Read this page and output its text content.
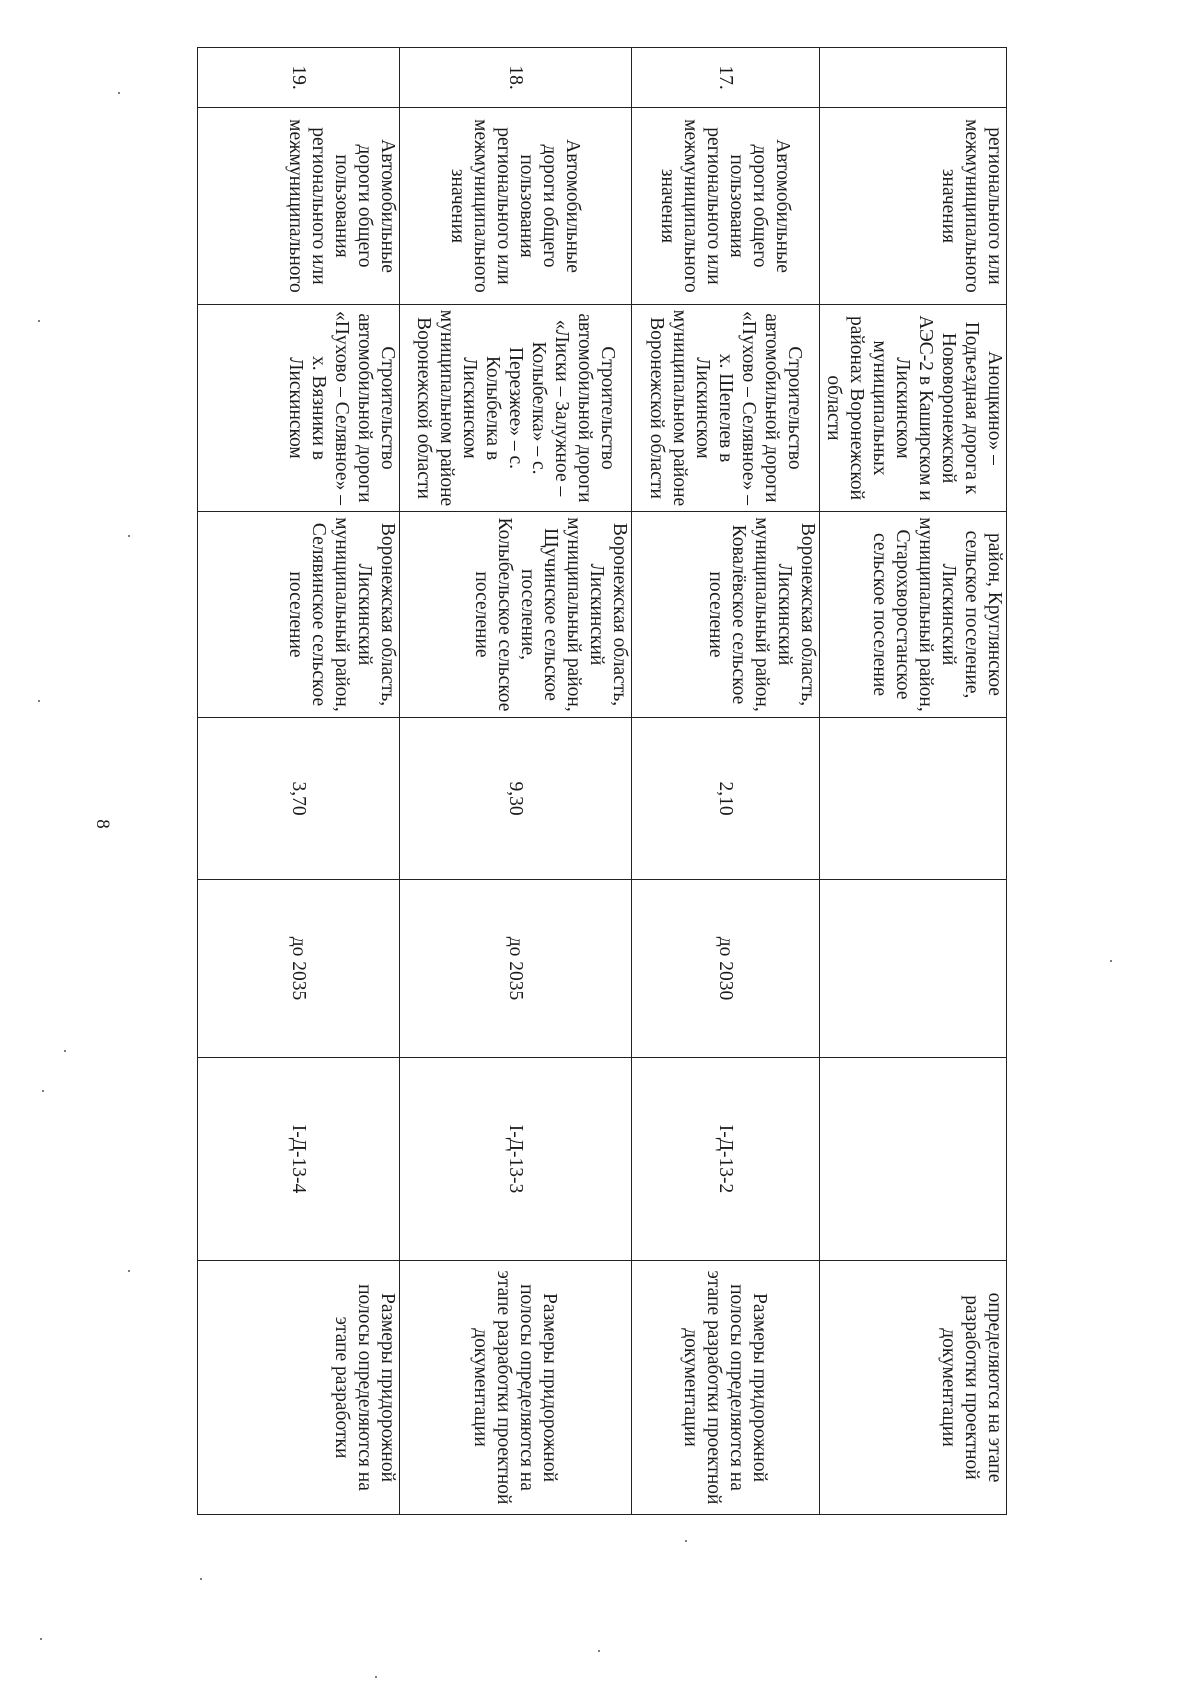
8
	регионального или межмуниципального значения	Анощкино» – Подъездная дорога к Нововоронежской АЭС-2 в Каширском и Лискинском муниципальных районах Воронежской области	район, Круглянское сельское поселение, Лискинский муниципальный район, Старохворостанское сельское поселение				определяются на этапе разработки проектной документации
17.	Автомобильные дороги общего пользования регионального или межмуниципального значения	Строительство автомобильной дороги «Пухово – Селявное» – х. Шепелев в Лискинском муниципальном районе Воронежской области	Воронежская область, Лискинский муниципальный район, Ковалёвское сельское поселение	2,10	до 2030	I-Д-13-2	Размеры придорожной полосы определяются на этапе разработки проектной документации
18.	Автомобильные дороги общего пользования регионального или межмуниципального значения	Строительство автомобильной дороги «Лиски – Залужное – Колыбелка» – с. Перезжее» – с. Колыбелка в Лискинском муниципальном районе Воронежской области	Воронежская область, Лискинский муниципальный район, Щучинское сельское поселение, Колыбельское сельское поселение	9,30	до 2035	I-Д-13-3	Размеры придорожной полосы определяются на этапе разработки проектной документации
19.	Автомобильные дороги общего пользования регионального или межмуниципального	Строительство автомобильной дороги «Пухово – Селявное» – х. Вязники в Лискинском	Воронежская область, Лискинский муниципальный район, Селявинское сельское поселение	3,70	до 2035	I-Д-13-4	Размеры придорожной полосы определяются на этапе разработки
